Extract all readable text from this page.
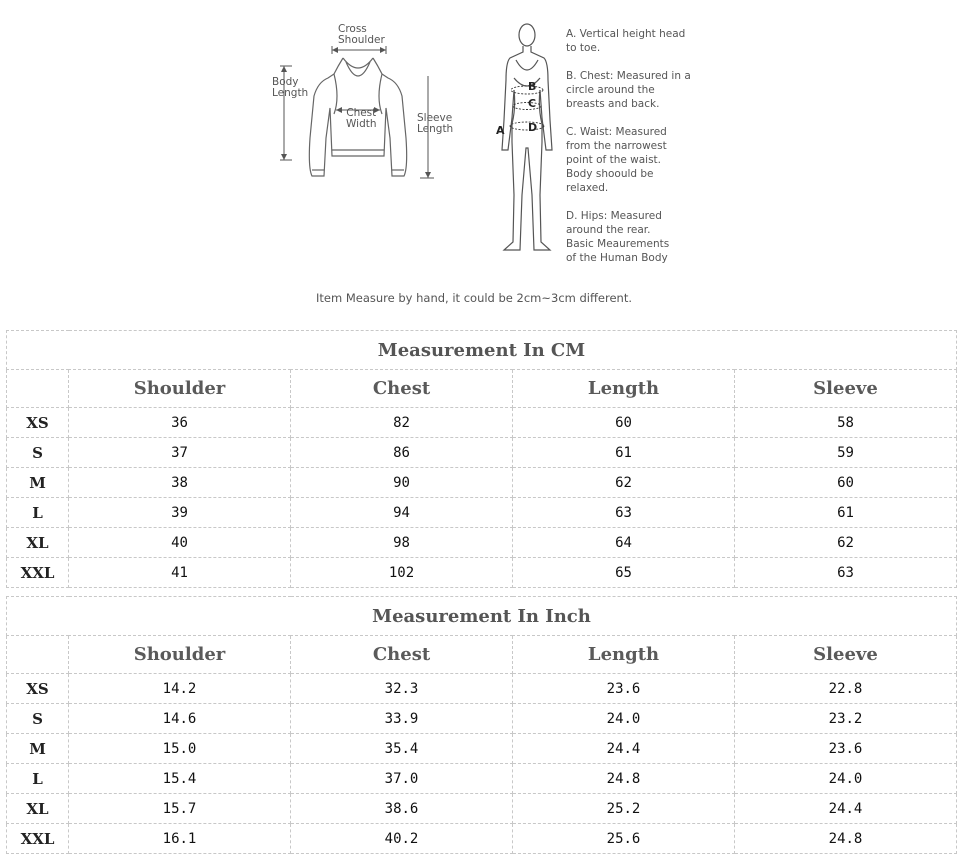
Cross
Shoulder
Body
Length
Chest
Width	Sleeve
Length	A
B
C
D
A. Vertical height head
to toe.
B. Chest: Measured in a
circle around the
breasts and back.
C. Waist: Measured
from the narrowest
point of the waist.
Body shoould be
relaxed.
D. Hips: Measured
around the rear.
Basic Meaurements
of the Human Body
Item Measure by hand, it could be 2cm~3cm different.
Measurement In CM				
	Shoulder	Chest	Length	Sleeve
XS	36	82	60	58
S	37	86	61	59
M	38	90	62	60
L	39	94	63	61
XL	40	98	64	62
XXL	41	102	65	63
Measurement In Inch				
	Shoulder	Chest	Length	Sleeve
XS	14.2	32.3	23.6	22.8
S	14.6	33.9	24.0	23.2
M	15.0	35.4	24.4	23.6
L	15.4	37.0	24.8	24.0
XL	15.7	38.6	25.2	24.4
XXL	16.1	40.2	25.6	24.8
